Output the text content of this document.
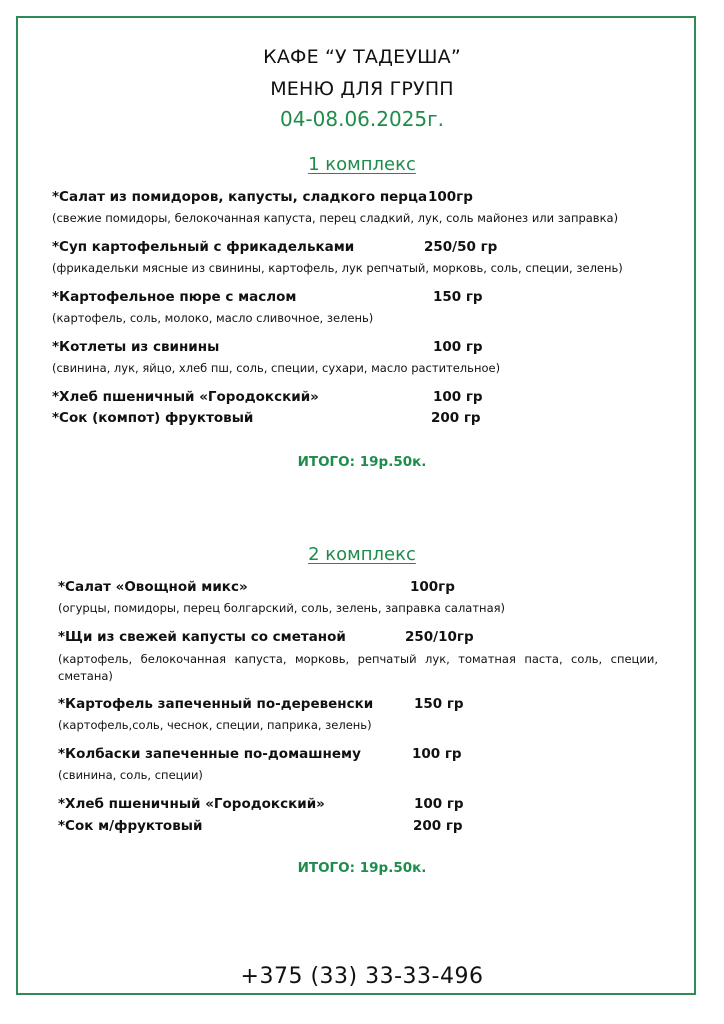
КАФЕ “У ТАДЕУША”
МЕНЮ ДЛЯ ГРУПП
04-08.06.2025г.
1 комплекс
*Салат из помидоров, капусты, сладкого перца 100гр
(свежие помидоры, белокочанная капуста, перец сладкий, лук, соль майонез или заправка)
*Суп картофельный с фрикадельками	250/50 гр
(фрикадельки мясные из свинины, картофель, лук репчатый, морковь, соль, специи, зелень)
*Картофельное пюре с маслом	150 гр
(картофель, соль, молоко, масло сливочное, зелень)
*Котлеты из свинины	100 гр
(свинина, лук, яйцо, хлеб пш, соль, специи, сухари, масло растительное)
*Хлеб пшеничный «Городокский»	100 гр
*Сок (компот) фруктовый	200 гр
ИТОГО: 19р.50к.
2 комплекс
*Салат «Овощной микс»	100гр
(огурцы, помидоры, перец болгарский, соль, зелень, заправка салатная)
*Щи из свежей капусты со сметаной	250/10гр
(картофель, белокочанная капуста, морковь, репчатый лук, томатная паста, соль, специи, сметана)
*Картофель запеченный по-деревенски	150 гр
(картофель,соль, чеснок, специи, паприка, зелень)
*Колбаски запеченные по-домашнему	100 гр
(свинина, соль, специи)
*Хлеб пшеничный «Городокский»	100 гр
*Сок м/фруктовый	200 гр
ИТОГО: 19р.50к.
+375 (33) 33-33-496
